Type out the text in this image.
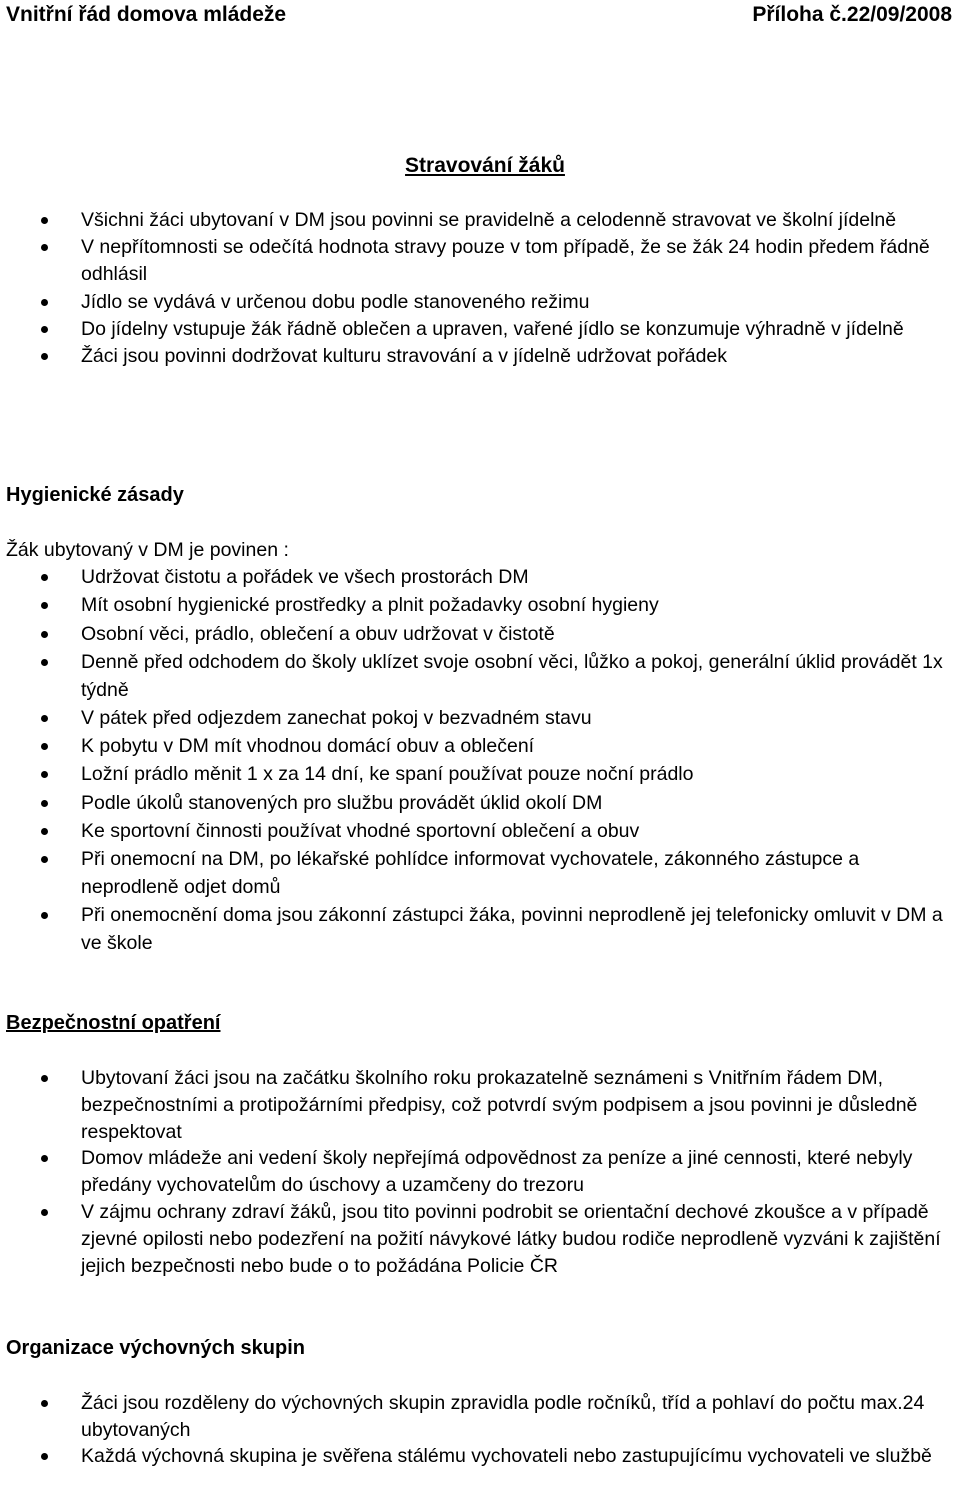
Vnitřní řád domova mládeže	Příloha č.22/09/2008
Stravování žáků
Všichni žáci ubytovaní v DM jsou povinni se pravidelně a celodenně stravovat ve školní jídelně
V nepřítomnosti se odečítá hodnota stravy pouze v tom případě, že se žák 24 hodin předem řádně odhlásil
Jídlo se vydává v určenou dobu podle stanoveného režimu
Do jídelny vstupuje žák řádně oblečen a upraven, vařené jídlo se konzumuje výhradně v jídelně
Žáci jsou povinni dodržovat kulturu stravování a v jídelně udržovat pořádek
Hygienické zásady
Žák ubytovaný v DM je povinen :
Udržovat čistotu a pořádek ve všech prostorách DM
Mít osobní hygienické prostředky a plnit požadavky osobní hygieny
Osobní věci, prádlo, oblečení a obuv udržovat v čistotě
Denně před odchodem do školy uklízet svoje osobní věci, lůžko a pokoj, generální úklid provádět 1x týdně
V pátek před odjezdem zanechat pokoj v bezvadném stavu
K pobytu v DM mít vhodnou domácí obuv a oblečení
Ložní prádlo měnit 1 x za 14 dní, ke spaní používat pouze noční prádlo
Podle úkolů stanovených pro službu provádět úklid okolí DM
Ke sportovní činnosti používat vhodné sportovní oblečení a obuv
Při onemocní na DM, po lékařské pohlídce informovat vychovatele, zákonného zástupce a neprodleně odjet domů
Při onemocnění doma jsou zákonní zástupci žáka, povinni neprodleně jej telefonicky omluvit v DM a ve škole
Bezpečnostní opatření
Ubytovaní žáci jsou na začátku školního roku prokazatelně seznámeni s Vnitřním řádem DM, bezpečnostními a protipožárními předpisy, což potvrdí svým podpisem a jsou povinni je důsledně respektovat
Domov mládeže ani vedení školy nepřejímá odpovědnost za peníze a jiné cennosti, které nebyly předány vychovatelům do úschovy a uzamčeny do trezoru
V zájmu ochrany zdraví žáků, jsou tito povinni podrobit se orientační dechové zkoušce a v případě zjevné opilosti nebo podezření na požití návykové látky budou rodiče neprodleně vyzváni k zajištění jejich bezpečnosti nebo bude o to požádána Policie ČR
Organizace výchovných skupin
Žáci jsou rozděleny do výchovných skupin zpravidla podle ročníků, tříd a pohlaví do počtu max.24 ubytovaných
Každá výchovná skupina je svěřena stálému vychovateli nebo zastupujícímu vychovateli ve službě
